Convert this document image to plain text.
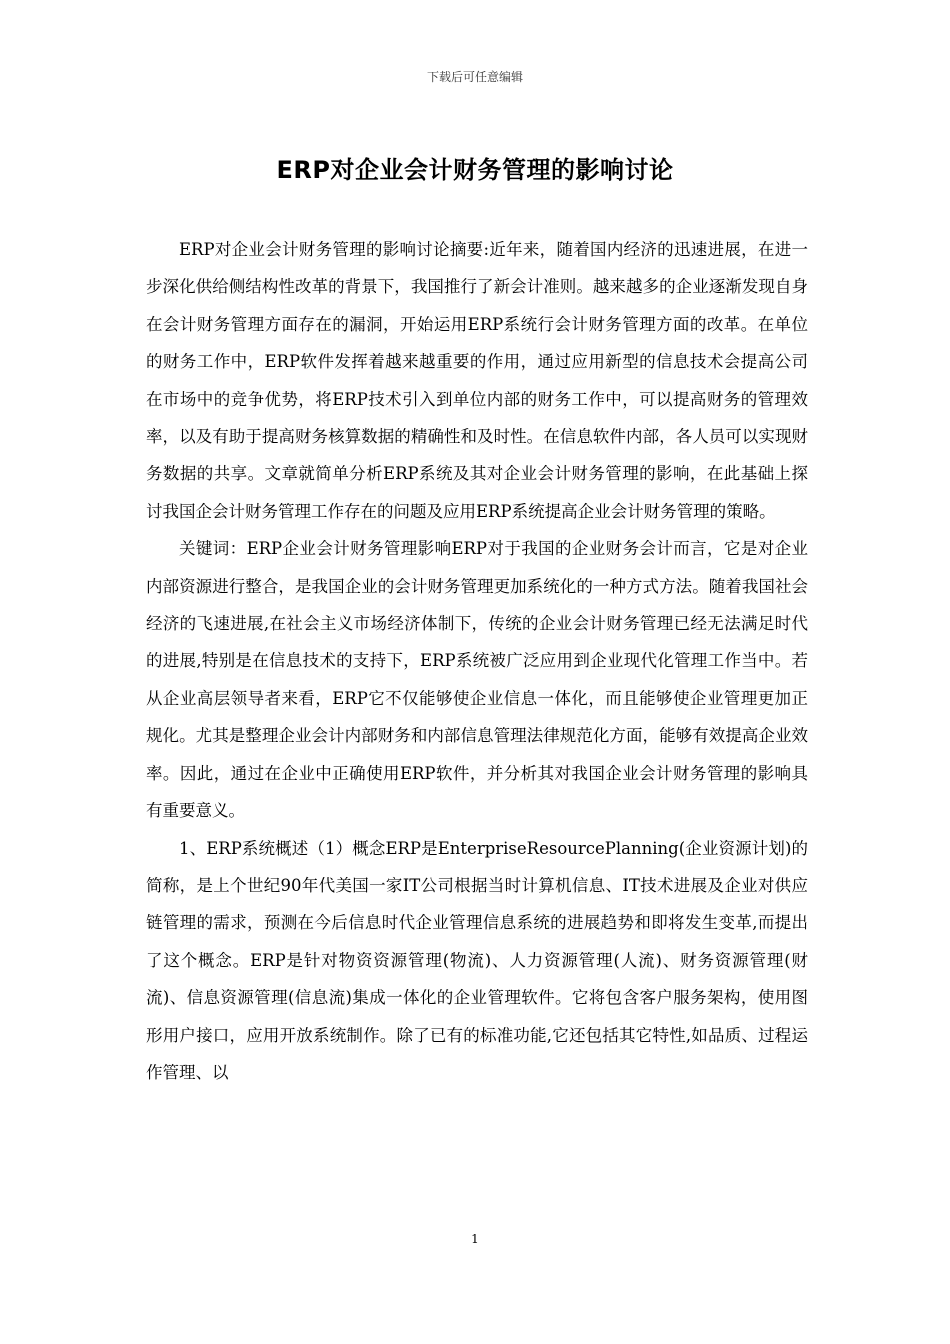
下载后可任意编辑
ERP对企业会计财务管理的影响讨论

ERP对企业会计财务管理的影响讨论摘要:近年来，随着国内经济的迅速进展，在进一步深化供给侧结构性改革的背景下，我国推行了新会计准则。越来越多的企业逐渐发现自身在会计财务管理方面存在的漏洞，开始运用ERP系统行会计财务管理方面的改革。在单位的财务工作中，ERP软件发挥着越来越重要的作用，通过应用新型的信息技术会提高公司在市场中的竞争优势，将ERP技术引入到单位内部的财务工作中，可以提高财务的管理效率，以及有助于提高财务核算数据的精确性和及时性。在信息软件内部，各人员可以实现财务数据的共享。文章就简单分析ERP系统及其对企业会计财务管理的影响，在此基础上探讨我国企会计财务管理工作存在的问题及应用ERP系统提高企业会计财务管理的策略。

关键词：ERP企业会计财务管理影响ERP对于我国的企业财务会计而言，它是对企业内部资源进行整合，是我国企业的会计财务管理更加系统化的一种方式方法。随着我国社会经济的飞速进展,在社会主义市场经济体制下，传统的企业会计财务管理已经无法满足时代的进展,特别是在信息技术的支持下，ERP系统被广泛应用到企业现代化管理工作当中。若从企业高层领导者来看，ERP它不仅能够使企业信息一体化，而且能够使企业管理更加正规化。尤其是整理企业会计内部财务和内部信息管理法律规范化方面，能够有效提高企业效率。因此，通过在企业中正确使用ERP软件，并分析其对我国企业会计财务管理的影响具有重要意义。

1、ERP系统概述（1）概念ERP是EnterpriseResourcePlanning(企业资源计划)的简称，是上个世纪90年代美国一家IT公司根据当时计算机信息、IT技术进展及企业对供应链管理的需求，预测在今后信息时代企业管理信息系统的进展趋势和即将发生变革,而提出了这个概念。ERP是针对物资资源管理(物流)、人力资源管理(人流)、财务资源管理(财流)、信息资源管理(信息流)集成一体化的企业管理软件。它将包含客户服务架构，使用图形用户接口，应用开放系统制作。除了已有的标准功能,它还包括其它特性,如品质、过程运作管理、以

1
